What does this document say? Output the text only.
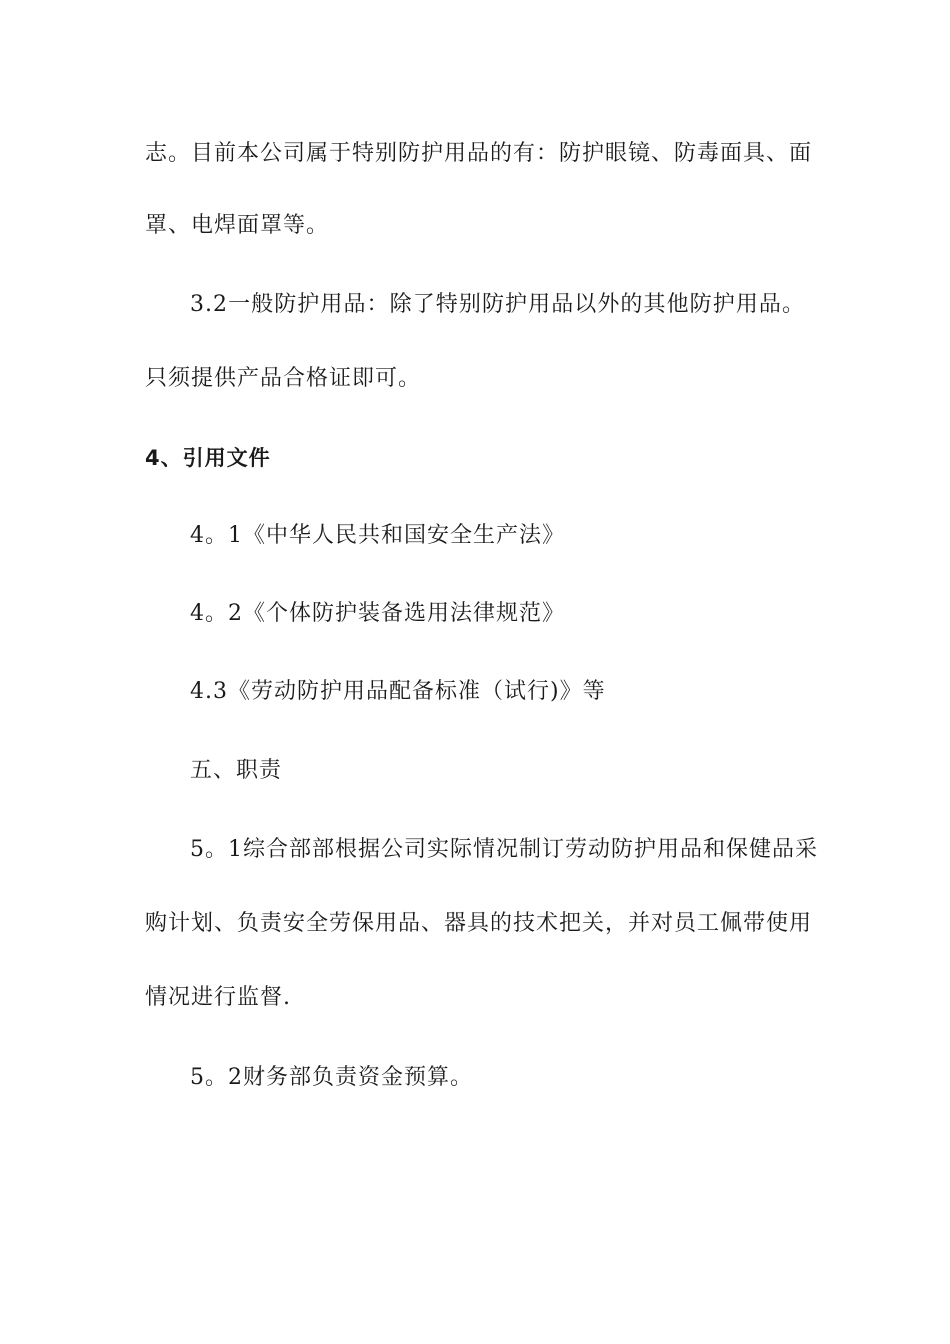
志。目前本公司属于特别防护用品的有：防护眼镜、防毒面具、面
罩、电焊面罩等。
3.2一般防护用品：除了特别防护用品以外的其他防护用品。
只须提供产品合格证即可。
4、引用文件
4。1《中华人民共和国安全生产法》
4。2《个体防护装备选用法律规范》
4.3《劳动防护用品配备标准（试行)》等
五、职责
5。1综合部部根据公司实际情况制订劳动防护用品和保健品采
购计划、负责安全劳保用品、器具的技术把关，并对员工佩带使用
情况进行监督.
5。2财务部负责资金预算。
